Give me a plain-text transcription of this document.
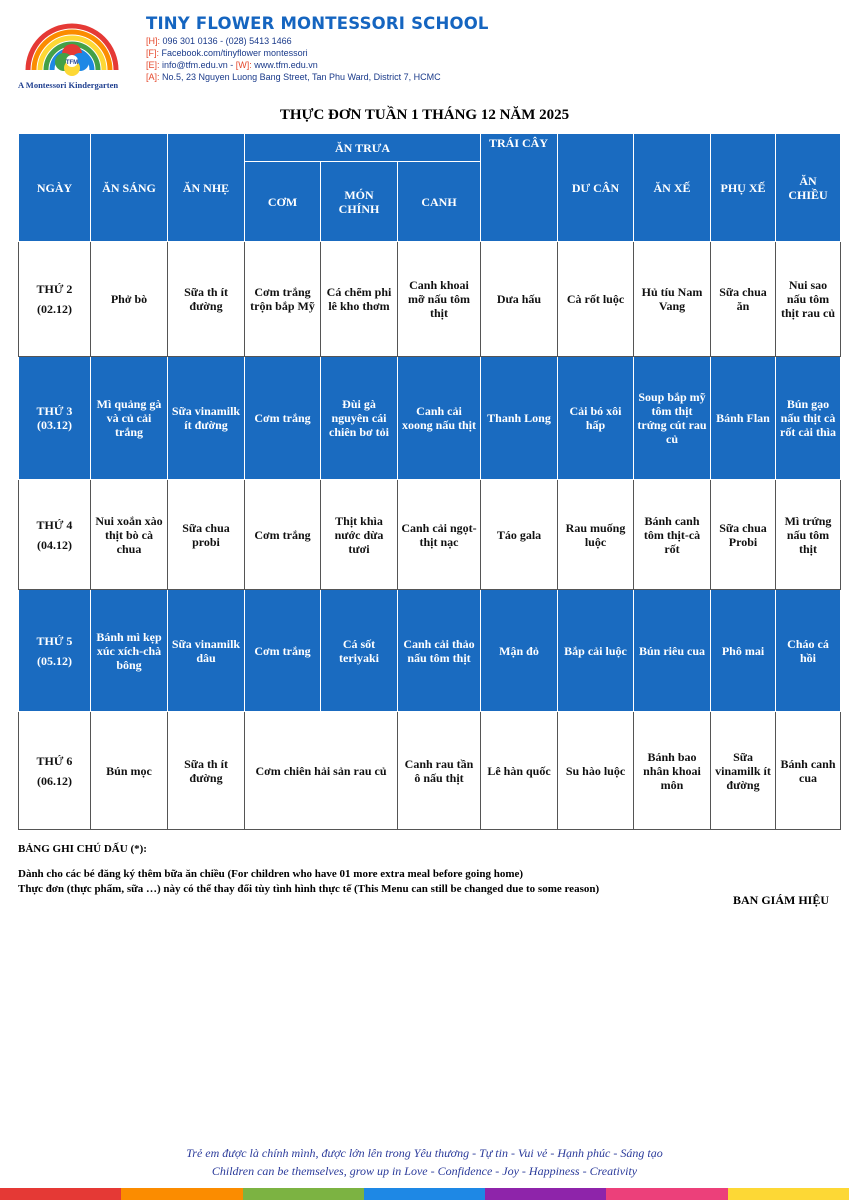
TFM
A Montessori Kindergarten
TINY FLOWER MONTESSORI SCHOOL
[H]: 096 301 0136 - (028) 5413 1466
[F]: Facebook.com/tinyflower montessori
[E]: info@tfm.edu.vn - [W]: www.tfm.edu.vn
[A]: No.5, 23 Nguyen Luong Bang Street, Tan Phu Ward, District 7, HCMC
THỰC ĐƠN TUẦN 1 THÁNG 12 NĂM 2025
NGÀY	ĂN SÁNG	ĂN NHẸ	ĂN TRƯA			TRÁI CÂY	DƯ CÂN	ĂN XẾ	PHỤ XẾ	ĂN CHIỀU
			CƠM	MÓN CHÍNH	CANH					

THỨ 2
(02.12)	Phở bò	Sữa th ít đường	Cơm trắng trộn bắp Mỹ	Cá chẽm phi lê kho thơm	Canh khoai mỡ nấu tôm thịt	Dưa hấu	Cà rốt luộc	Hủ tíu Nam Vang	Sữa chua ăn	Nui sao nấu tôm thịt rau củ

THỨ 3
(03.12)	Mì quảng gà và củ cải trắng	Sữa vinamilk ít đường	Cơm trắng	Đùi gà nguyên cái chiên bơ tỏi	Canh cải xoong nấu thịt	Thanh Long	Cải bó xôi hấp	Soup bắp mỹ tôm thịt trứng cút rau củ	Bánh Flan	Bún gạo nấu thịt cà rốt cải thìa

THỨ 4
(04.12)	Nui xoắn xào thịt bò cà chua	Sữa chua probi	Cơm trắng	Thịt khìa nước dừa tươi	Canh cải ngọt- thịt nạc	Táo gala	Rau muống luộc	Bánh canh tôm thịt-cà rốt	Sữa chua Probi	Mì trứng nấu tôm thịt

THỨ 5
(05.12)	Bánh mì kẹp xúc xích-chà bông	Sữa vinamilk dâu	Cơm trắng	Cá sốt teriyaki	Canh cải thảo nấu tôm thịt	Mận đỏ	Bắp cải luộc	Bún riêu cua	Phô mai	Cháo cá hồi

THỨ 6
(06.12)	Bún mọc	Sữa th ít đường	Cơm chiên hải sản rau củ		Canh rau tần ô nấu thịt	Lê hàn quốc	Su hào luộc	Bánh bao nhân khoai môn	Sữa vinamilk ít đường	Bánh canh cua
BẢNG GHI CHÚ DẤU (*):
Dành cho các bé đăng ký thêm bữa ăn chiều (For children who have 01 more extra meal before going home)
Thực đơn (thực phẩm, sữa …) này có thể thay đổi tùy tình hình thực tế (This Menu can still be changed due to some reason)
BAN GIÁM HIỆU
Trẻ em được là chính mình, được lớn lên trong Yêu thương - Tự tin - Vui vẻ - Hạnh phúc - Sáng tạo
Children can be themselves, grow up in Love - Confidence - Joy - Happiness - Creativity
